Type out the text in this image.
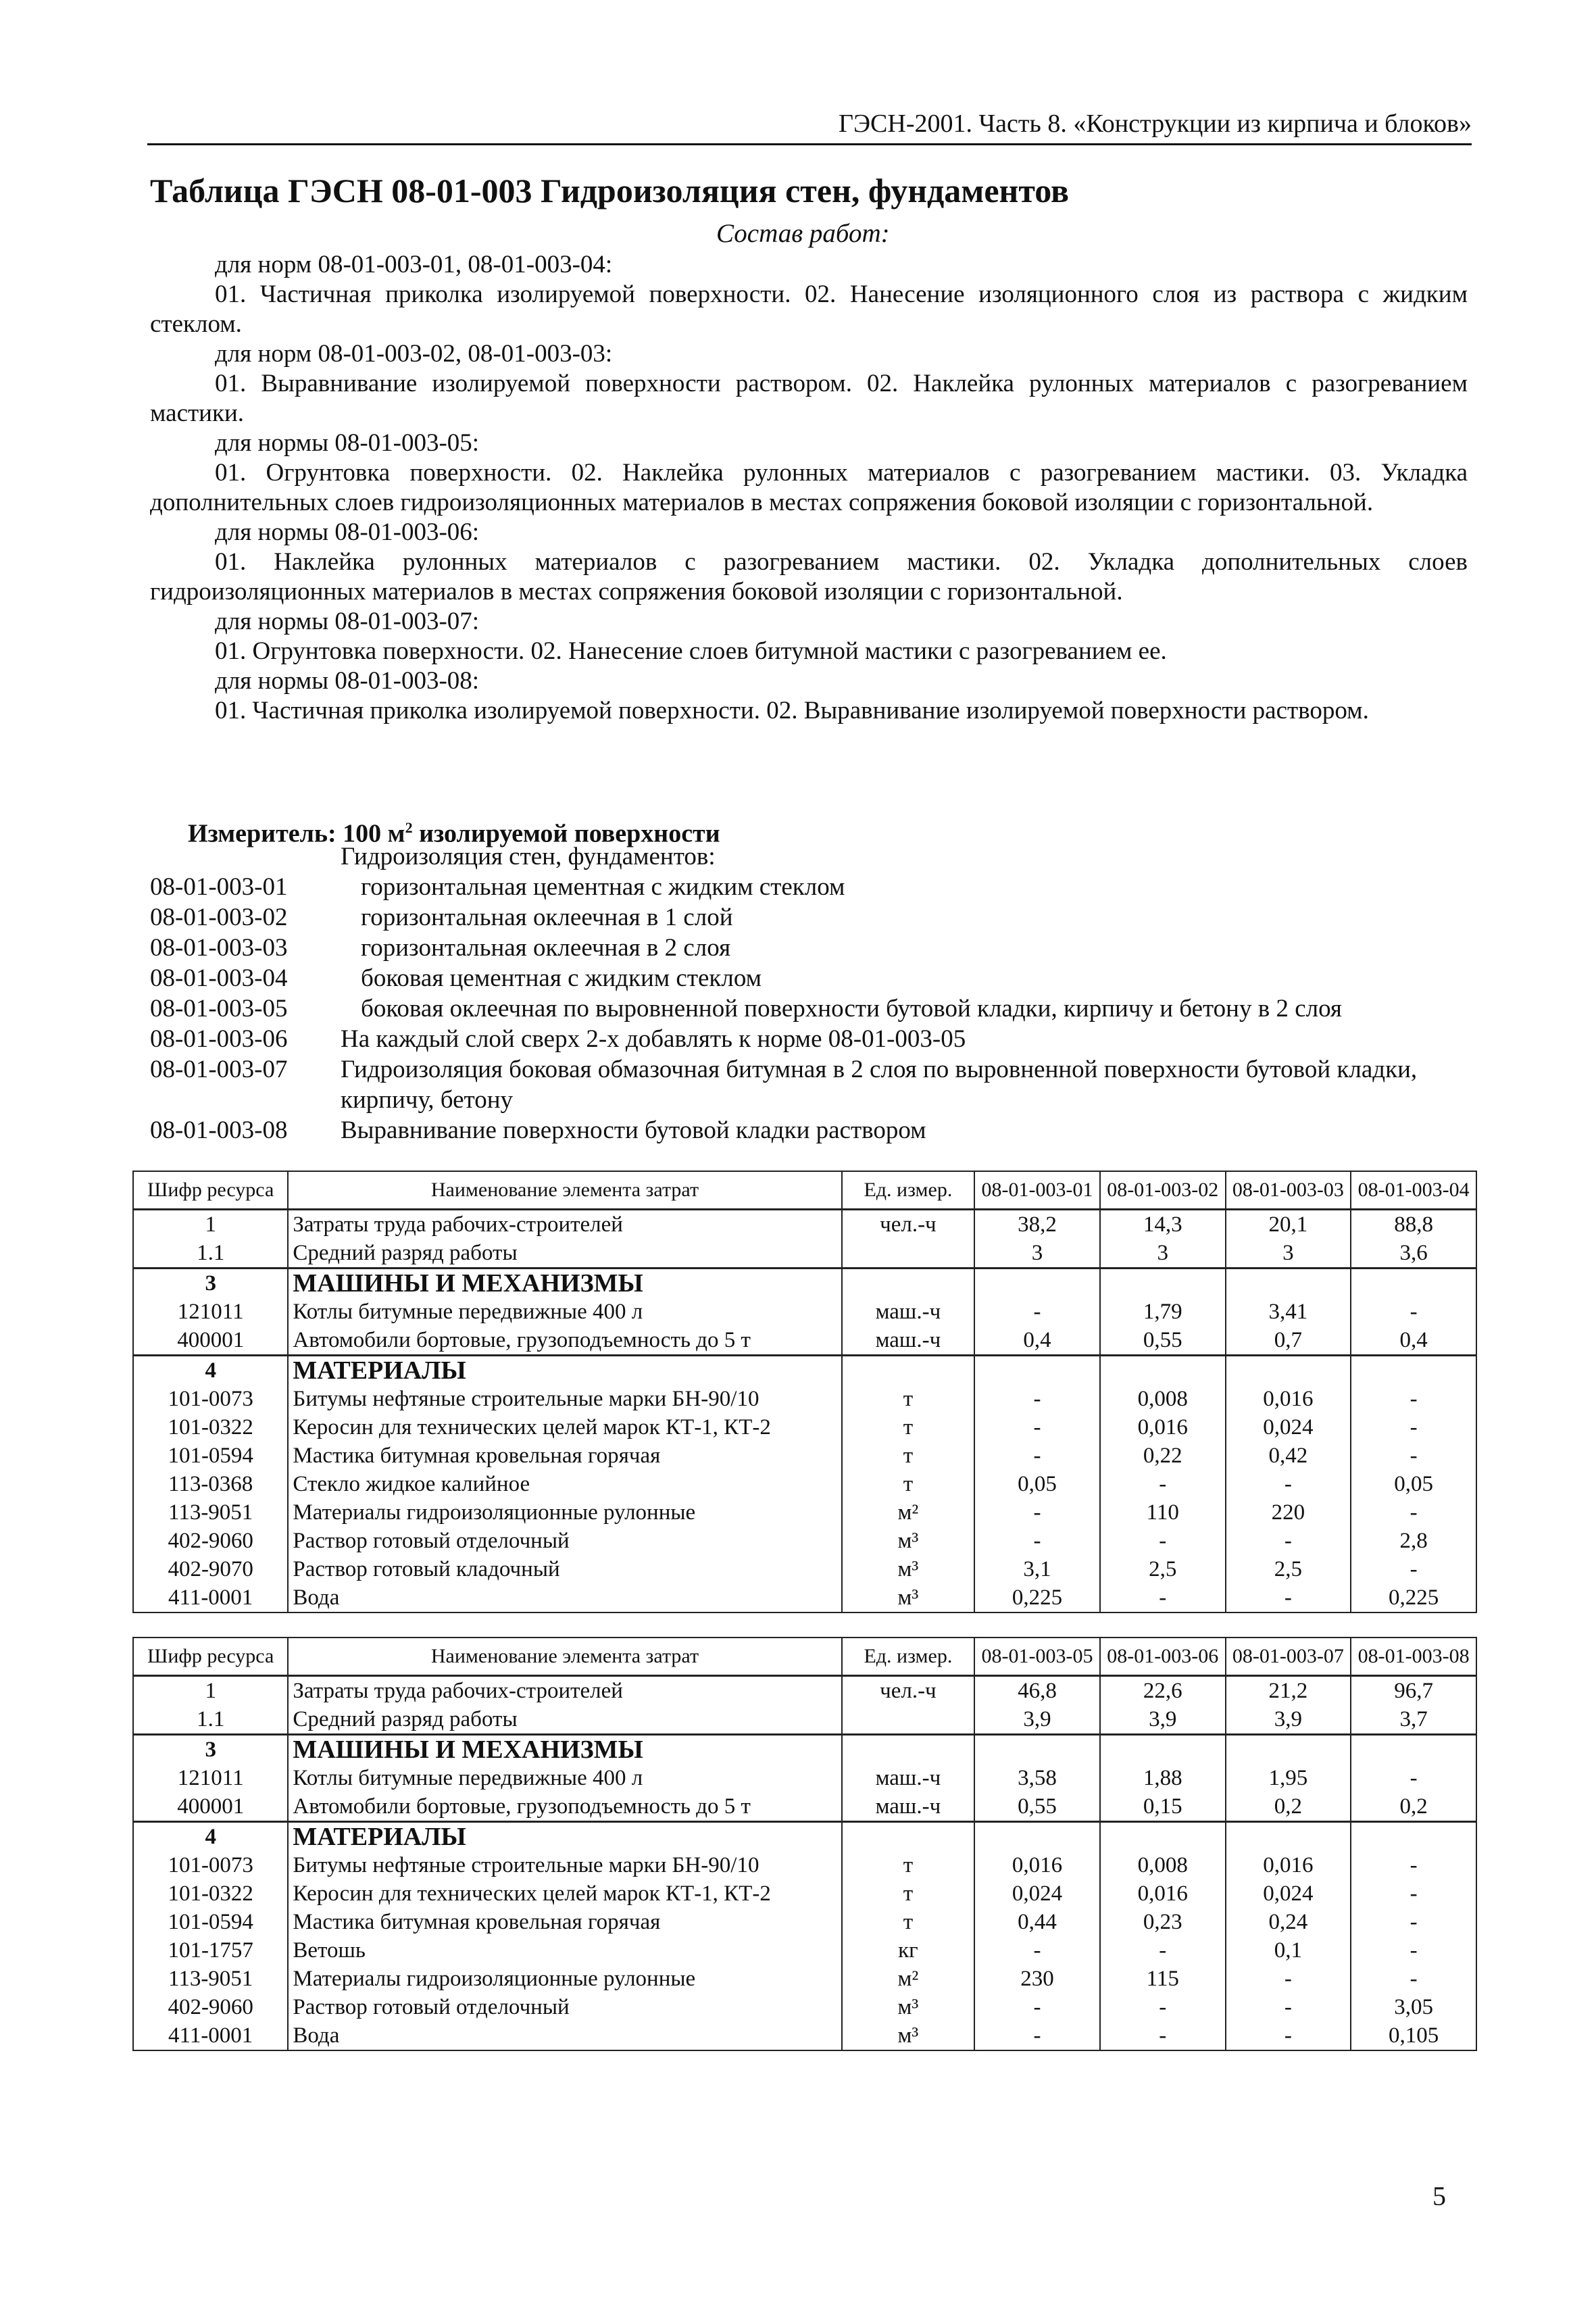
ГЭСН-2001. Часть 8. «Конструкции из кирпича и блоков»
Таблица ГЭСН 08-01-003 Гидроизоляция стен, фундаментов
Состав работ:
для норм 08-01-003-01, 08-01-003-04:
01. Частичная приколка изолируемой поверхности. 02. Нанесение изоляционного слоя из раствора с жидким стеклом.
для норм 08-01-003-02, 08-01-003-03:
01. Выравнивание изолируемой поверхности раствором. 02. Наклейка рулонных материалов с разогреванием мастики.
для нормы 08-01-003-05:
01. Огрунтовка поверхности. 02. Наклейка рулонных материалов с разогреванием мастики. 03. Укладка дополнительных слоев гидроизоляционных материалов в местах сопряжения боковой изоляции с горизонтальной.
для нормы 08-01-003-06:
01. Наклейка рулонных материалов с разогреванием мастики. 02. Укладка дополнительных слоев гидроизоляционных материалов в местах сопряжения боковой изоляции с горизонтальной.
для нормы 08-01-003-07:
01. Огрунтовка поверхности. 02. Нанесение слоев битумной мастики с разогреванием ее.
для нормы 08-01-003-08:
01. Частичная приколка изолируемой поверхности. 02. Выравнивание изолируемой поверхности раствором.
Измеритель: 100 $м^2$ изолируемой поверхности
Гидроизоляция стен, фундаментов:
08-01-003-01	горизонтальная цементная с жидким стеклом
08-01-003-02	горизонтальная оклеечная в 1 слой
08-01-003-03	горизонтальная оклеечная в 2 слоя
08-01-003-04	боковая цементная с жидким стеклом
08-01-003-05	боковая оклеечная по выровненной поверхности бутовой кладки, кирпичу и бетону в 2 слоя
08-01-003-06	На каждый слой сверх 2-х добавлять к норме 08-01-003-05
08-01-003-07	Гидроизоляция боковая обмазочная битумная в 2 слоя по выровненной поверхности бутовой кладки, кирпичу, бетону
08-01-003-08	Выравнивание поверхности бутовой кладки раствором
Шифр ресурса	Наименование элемента затрат	Ед. измер.	08-01-003-01	08-01-003-02	08-01-003-03	08-01-003-04
1	Затраты труда рабочих-строителей	чел.-ч	38,2	14,3	20,1	88,8
1.1	Средний разряд работы		3	3	3	3,6
3	МАШИНЫ И МЕХАНИЗМЫ					
121011	Котлы битумные передвижные 400 л	маш.-ч	-	1,79	3,41	-
400001	Автомобили бортовые, грузоподъемность до 5 т	маш.-ч	0,4	0,55	0,7	0,4
4	МАТЕРИАЛЫ					
101-0073	Битумы нефтяные строительные марки БН-90/10	т	-	0,008	0,016	-
101-0322	Керосин для технических целей марок КТ-1, КТ-2	т	-	0,016	0,024	-
101-0594	Мастика битумная кровельная горячая	т	-	0,22	0,42	-
113-0368	Стекло жидкое калийное	т	0,05	-	-	0,05
113-9051	Материалы гидроизоляционные рулонные	м²	-	110	220	-
402-9060	Раствор готовый отделочный	м³	-	-	-	2,8
402-9070	Раствор готовый кладочный	м³	3,1	2,5	2,5	-
411-0001	Вода	м³	0,225	-	-	0,225
Шифр ресурса	Наименование элемента затрат	Ед. измер.	08-01-003-05	08-01-003-06	08-01-003-07	08-01-003-08
1	Затраты труда рабочих-строителей	чел.-ч	46,8	22,6	21,2	96,7
1.1	Средний разряд работы		3,9	3,9	3,9	3,7
3	МАШИНЫ И МЕХАНИЗМЫ					
121011	Котлы битумные передвижные 400 л	маш.-ч	3,58	1,88	1,95	-
400001	Автомобили бортовые, грузоподъемность до 5 т	маш.-ч	0,55	0,15	0,2	0,2
4	МАТЕРИАЛЫ					
101-0073	Битумы нефтяные строительные марки БН-90/10	т	0,016	0,008	0,016	-
101-0322	Керосин для технических целей марок КТ-1, КТ-2	т	0,024	0,016	0,024	-
101-0594	Мастика битумная кровельная горячая	т	0,44	0,23	0,24	-
101-1757	Ветошь	кг	-	-	0,1	-
113-9051	Материалы гидроизоляционные рулонные	м²	230	115	-	-
402-9060	Раствор готовый отделочный	м³	-	-	-	3,05
411-0001	Вода	м³	-	-	-	0,105
5
